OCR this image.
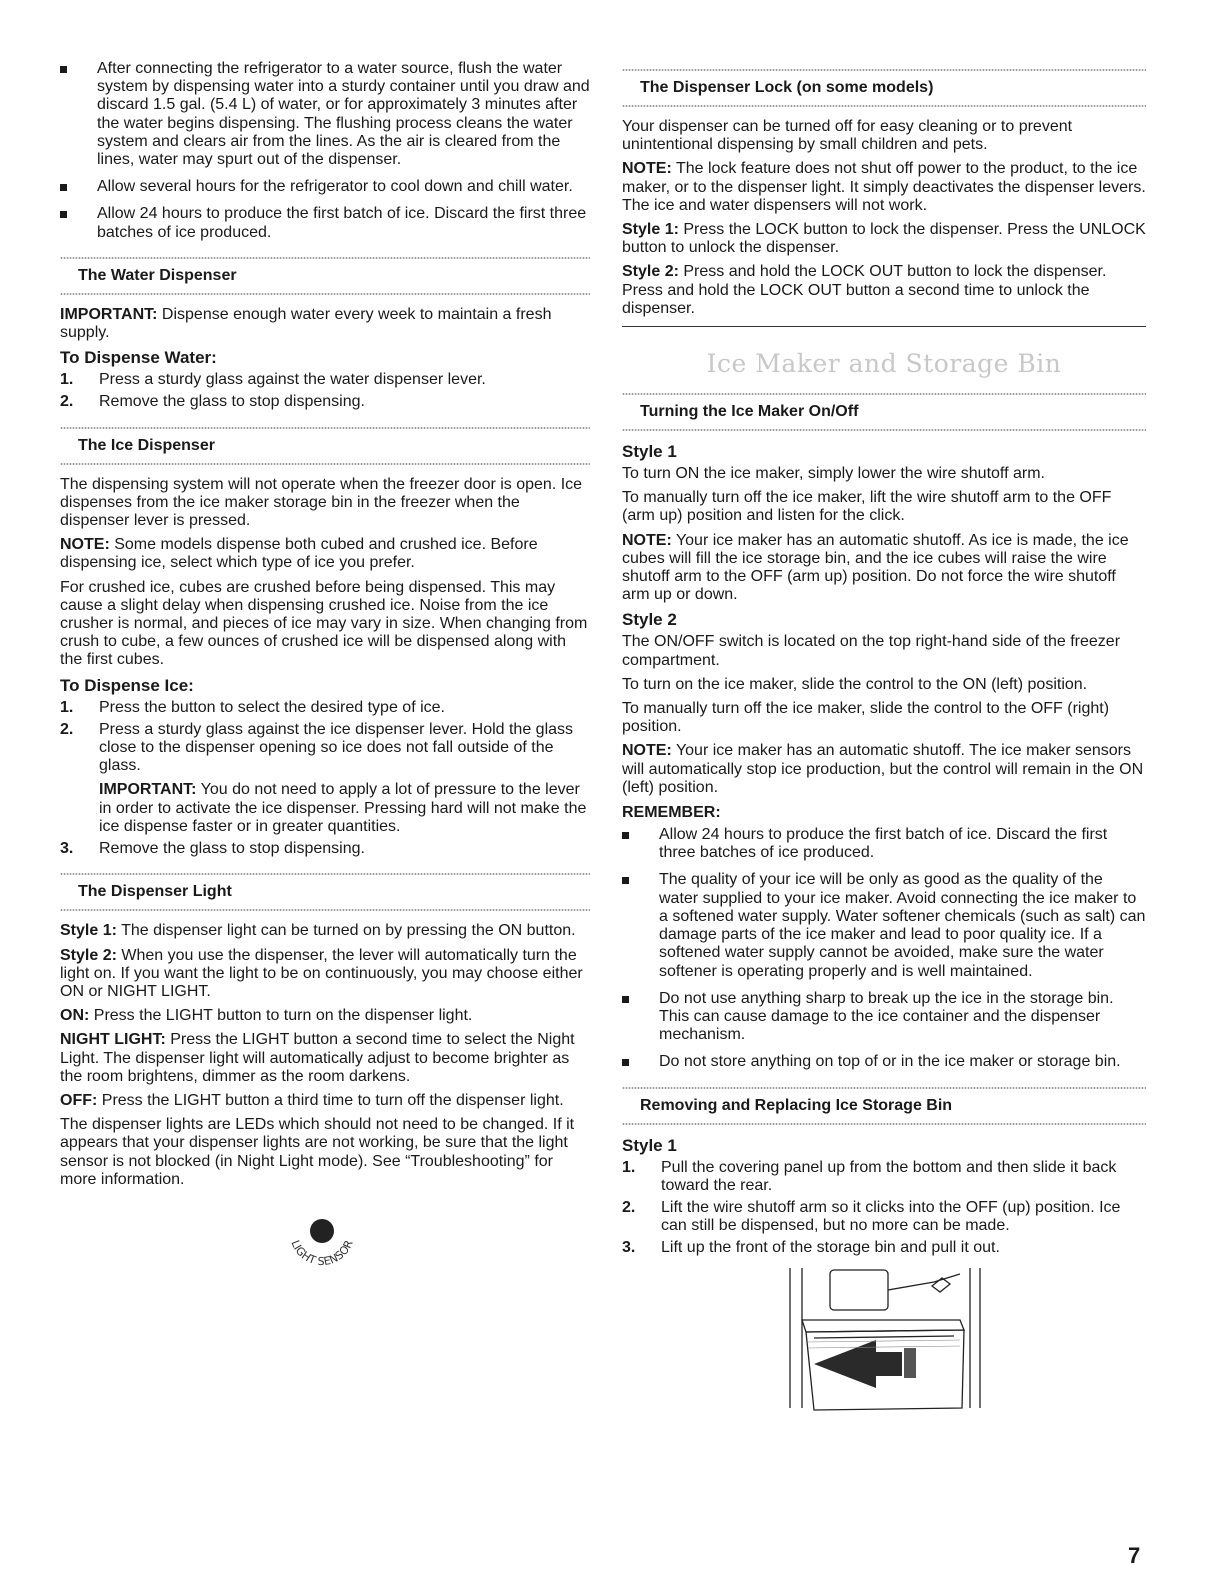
After connecting the refrigerator to a water source, flush the water system by dispensing water into a sturdy container until you draw and discard 1.5 gal. (5.4 L) of water, or for approximately 3 minutes after the water begins dispensing. The flushing process cleans the water system and clears air from the lines. As the air is cleared from the lines, water may spurt out of the dispenser.
Allow several hours for the refrigerator to cool down and chill water.
Allow 24 hours to produce the first batch of ice. Discard the first three batches of ice produced.
The Water Dispenser

IMPORTANT: Dispense enough water every week to maintain a fresh supply.

To Dispense Water:
1. Press a sturdy glass against the water dispenser lever.
2. Remove the glass to stop dispensing.
The Ice Dispenser

The dispensing system will not operate when the freezer door is open. Ice dispenses from the ice maker storage bin in the freezer when the dispenser lever is pressed.

NOTE: Some models dispense both cubed and crushed ice. Before dispensing ice, select which type of ice you prefer.

For crushed ice, cubes are crushed before being dispensed. This may cause a slight delay when dispensing crushed ice. Noise from the ice crusher is normal, and pieces of ice may vary in size. When changing from crush to cube, a few ounces of crushed ice will be dispensed along with the first cubes.

To Dispense Ice:
1. Press the button to select the desired type of ice.
2. Press a sturdy glass against the ice dispenser lever. Hold the glass close to the dispenser opening so ice does not fall outside of the glass.
IMPORTANT: You do not need to apply a lot of pressure to the lever in order to activate the ice dispenser. Pressing hard will not make the ice dispense faster or in greater quantities.
3. Remove the glass to stop dispensing.
The Dispenser Light

Style 1: The dispenser light can be turned on by pressing the ON button.

Style 2: When you use the dispenser, the lever will automatically turn the light on. If you want the light to be on continuously, you may choose either ON or NIGHT LIGHT.

ON: Press the LIGHT button to turn on the dispenser light.

NIGHT LIGHT: Press the LIGHT button a second time to select the Night Light. The dispenser light will automatically adjust to become brighter as the room brightens, dimmer as the room darkens.

OFF: Press the LIGHT button a third time to turn off the dispenser light.

The dispenser lights are LEDs which should not need to be changed. If it appears that your dispenser lights are not working, be sure that the light sensor is not blocked (in Night Light mode). See “Troubleshooting” for more information.

LIGHT SENSOR
The Dispenser Lock (on some models)

Your dispenser can be turned off for easy cleaning or to prevent unintentional dispensing by small children and pets.

NOTE: The lock feature does not shut off power to the product, to the ice maker, or to the dispenser light. It simply deactivates the dispenser levers. The ice and water dispensers will not work.

Style 1: Press the LOCK button to lock the dispenser. Press the UNLOCK button to unlock the dispenser.

Style 2: Press and hold the LOCK OUT button to lock the dispenser. Press and hold the LOCK OUT button a second time to unlock the dispenser.

Ice Maker and Storage Bin
Turning the Ice Maker On/Off
Style 1

To turn ON the ice maker, simply lower the wire shutoff arm.

To manually turn off the ice maker, lift the wire shutoff arm to the OFF (arm up) position and listen for the click.

NOTE: Your ice maker has an automatic shutoff. As ice is made, the ice cubes will fill the ice storage bin, and the ice cubes will raise the wire shutoff arm to the OFF (arm up) position. Do not force the wire shutoff arm up or down.

Style 2

The ON/OFF switch is located on the top right-hand side of the freezer compartment.

To turn on the ice maker, slide the control to the ON (left) position.

To manually turn off the ice maker, slide the control to the OFF (right) position.

NOTE: Your ice maker has an automatic shutoff. The ice maker sensors will automatically stop ice production, but the control will remain in the ON (left) position.

REMEMBER:
Allow 24 hours to produce the first batch of ice. Discard the first three batches of ice produced.
The quality of your ice will be only as good as the quality of the water supplied to your ice maker. Avoid connecting the ice maker to a softened water supply. Water softener chemicals (such as salt) can damage parts of the ice maker and lead to poor quality ice. If a softened water supply cannot be avoided, make sure the water softener is operating properly and is well maintained.
Do not use anything sharp to break up the ice in the storage bin. This can cause damage to the ice container and the dispenser mechanism.
Do not store anything on top of or in the ice maker or storage bin.
Removing and Replacing Ice Storage Bin
Style 1
1. Pull the covering panel up from the bottom and then slide it back toward the rear.
2. Lift the wire shutoff arm so it clicks into the OFF (up) position. Ice can still be dispensed, but no more can be made.
3. Lift up the front of the storage bin and pull it out.
7
